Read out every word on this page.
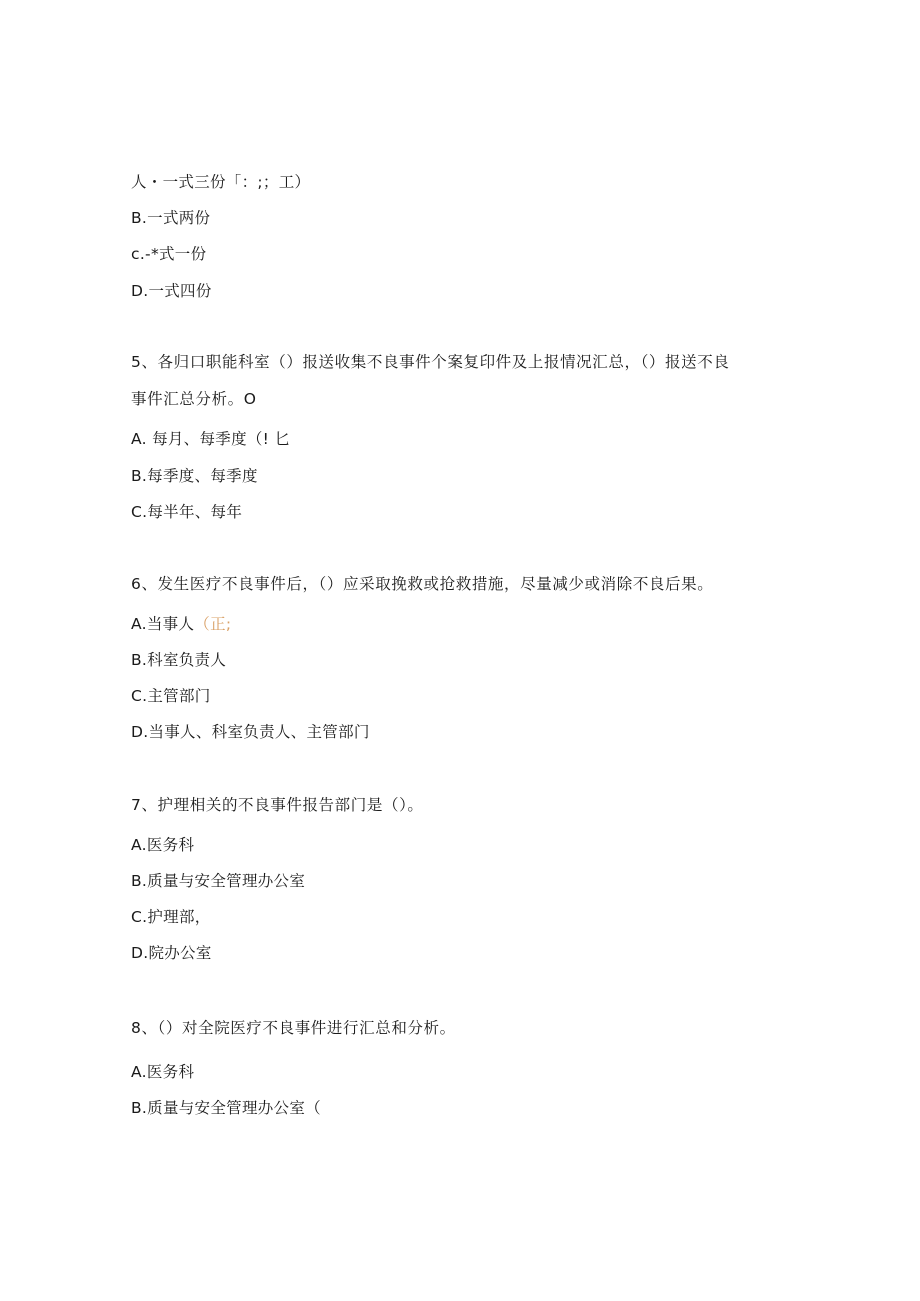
人・一式三份「：;；工）
B.一式两份
c.-*式一份
D.一式四份
5、各归口职能科室（）报送收集不良事件个案复印件及上报情况汇总，（）报送不良
事件汇总分析。O
A. 每月、每季度（! 匕
B.每季度、每季度
C.每半年、每年
6、发生医疗不良事件后，（）应采取挽救或抢救措施，尽量减少或消除不良后果。
A.当事人（正;
B.科室负责人
C.主管部门
D.当事人、科室负责人、主管部门
7、护理相关的不良事件报告部门是（）。
A.医务科
B.质量与安全管理办公室
C.护理部，
D.院办公室
8、（）对全院医疗不良事件进行汇总和分析。
A.医务科
B.质量与安全管理办公室（
